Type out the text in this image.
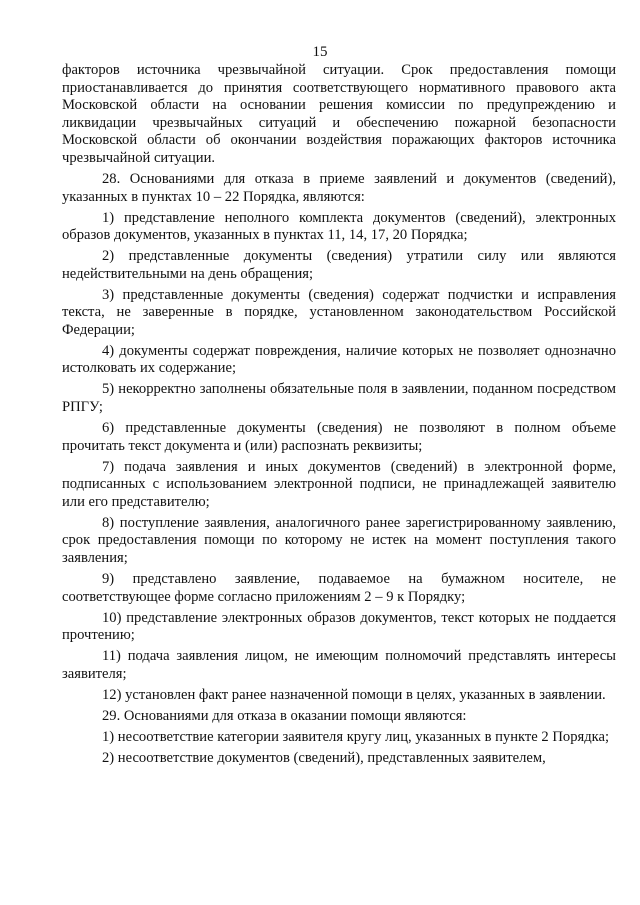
15

факторов источника чрезвычайной ситуации. Срок предоставления помощи приостанавливается до принятия соответствующего нормативного правового акта Московской области на основании решения комиссии по предупреждению и ликвидации чрезвычайных ситуаций и обеспечению пожарной безопасности Московской области об окончании воздействия поражающих факторов источника чрезвычайной ситуации.

28. Основаниями для отказа в приеме заявлений и документов (сведений), указанных в пунктах 10 – 22 Порядка, являются:

1) представление неполного комплекта документов (сведений), электронных образов документов, указанных в пунктах 11, 14, 17, 20 Порядка;

2) представленные документы (сведения) утратили силу или являются недействительными на день обращения;

3) представленные документы (сведения) содержат подчистки и исправления текста, не заверенные в порядке, установленном законодательством Российской Федерации;

4) документы содержат повреждения, наличие которых не позволяет однозначно истолковать их содержание;

5) некорректно заполнены обязательные поля в заявлении, поданном посредством РПГУ;

6) представленные документы (сведения) не позволяют в полном объеме прочитать текст документа и (или) распознать реквизиты;

7) подача заявления и иных документов (сведений) в электронной форме, подписанных с использованием электронной подписи, не принадлежащей заявителю или его представителю;

8) поступление заявления, аналогичного ранее зарегистрированному заявлению, срок предоставления помощи по которому не истек на момент поступления такого заявления;

9) представлено заявление, подаваемое на бумажном носителе, не соответствующее форме согласно приложениям 2 – 9 к Порядку;

10) представление электронных образов документов, текст которых не поддается прочтению;

11) подача заявления лицом, не имеющим полномочий представлять интересы заявителя;

12) установлен факт ранее назначенной помощи в целях, указанных в заявлении.

29. Основаниями для отказа в оказании помощи являются:

1) несоответствие категории заявителя кругу лиц, указанных в пункте 2 Порядка;

2) несоответствие документов (сведений), представленных заявителем,
